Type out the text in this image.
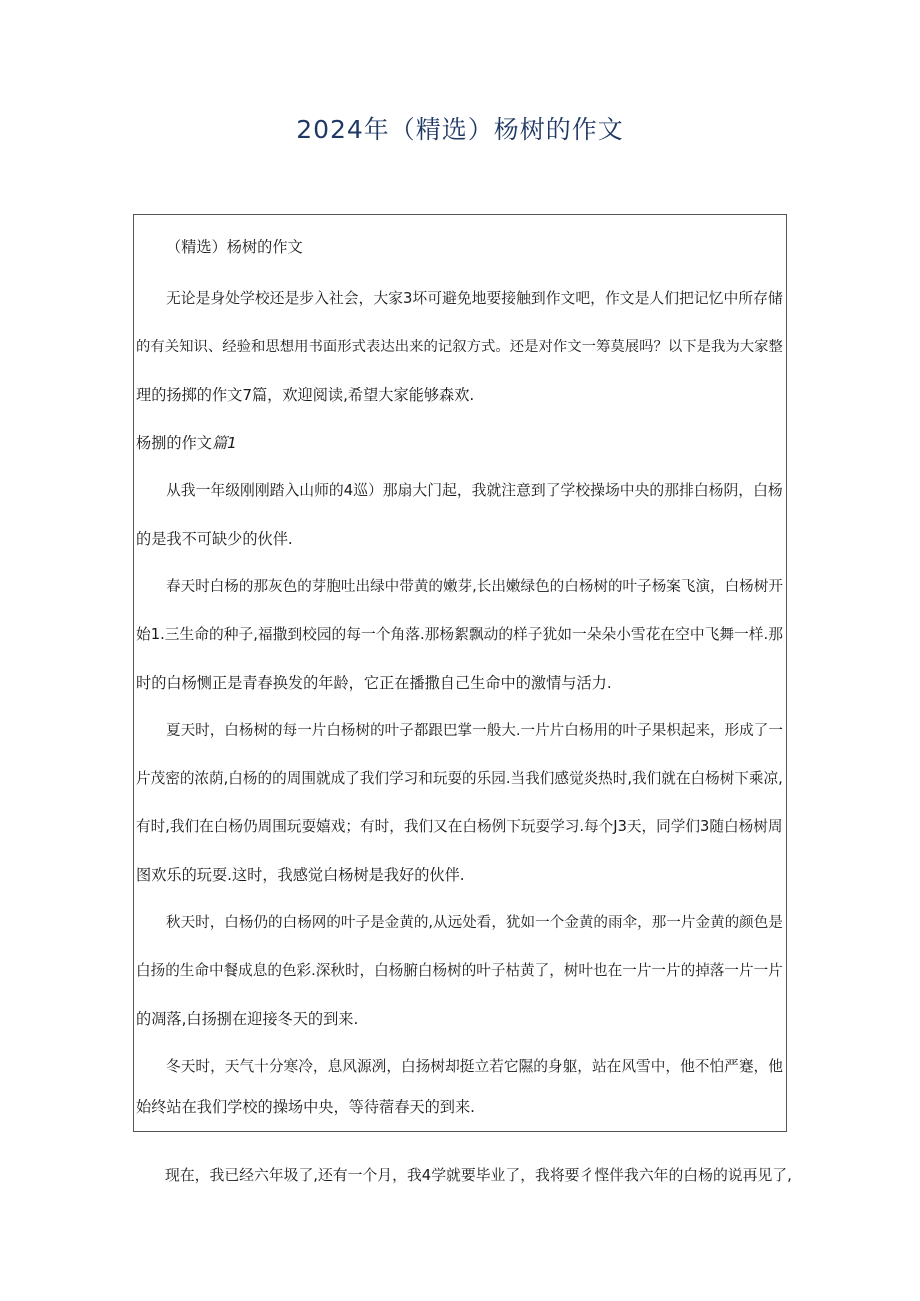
2024年（精选）杨树的作文

（精选）杨树的作文

无论是身处学校还是步入社会，大家3坏可避免地要接触到作文吧，作文是人们把记忆中所存储

的有关知识、经验和思想用书面形式表达出来的记叙方式。还是对作文一筹莫展吗？以下是我为大家整

理的扬掷的作文7篇，欢迎阅读,希望大家能够森欢.

杨捌的作文篇1

从我一年级刚刚踏入山师的4巡）那扇大门起，我就注意到了学校操场中央的那排白杨阴，白杨

的是我不可缺少的伙伴.

春天时白杨的那灰色的芽胞吐出绿中带黄的嫩芽,长出嫩绿色的白杨树的叶子杨案飞演，白杨树开

始1.三生命的种子,福撒到校园的每一个角落.那杨絮飘动的样子犹如一朵朵小雪花在空中飞舞一样.那

时的白杨恻正是青春换发的年龄，它正在播撒自己生命中的激情与活力.

夏天时，白杨树的每一片白杨树的叶子都跟巴掌一般大.一片片白杨用的叶子果枳起来，形成了一

片茂密的浓荫,白杨的的周围就成了我们学习和玩耍的乐园.当我们感觉炎热时,我们就在白杨树下乘凉,

有时,我们在白杨仍周围玩耍嬉戏；有时，我们又在白杨例下玩耍学习.每个J3天，同学们3随白杨树周

图欢乐的玩耍.这时，我感觉白杨树是我好的伙伴.

秋天时，白杨仍的白杨网的叶子是金黄的,从远处看，犹如一个金黄的雨伞，那一片金黄的颜色是

白扬的生命中餐成息的色彩.深秋时，白杨腑白杨树的叶子枯黄了，树叶也在一片一片的掉落一片一片

的凋落,白扬捌在迎接冬天的到来.

冬天时，天气十分寒冷，息风源冽，白扬树却挺立若它隰的身躯，站在风雪中，他不怕严蹇，他

始终站在我们学校的操场中央，等待蓿春天的到来.

现在，我已经六年圾了,还有一个月，我4学就要毕业了，我将要彳悭伴我六年的白杨的说再见了,
